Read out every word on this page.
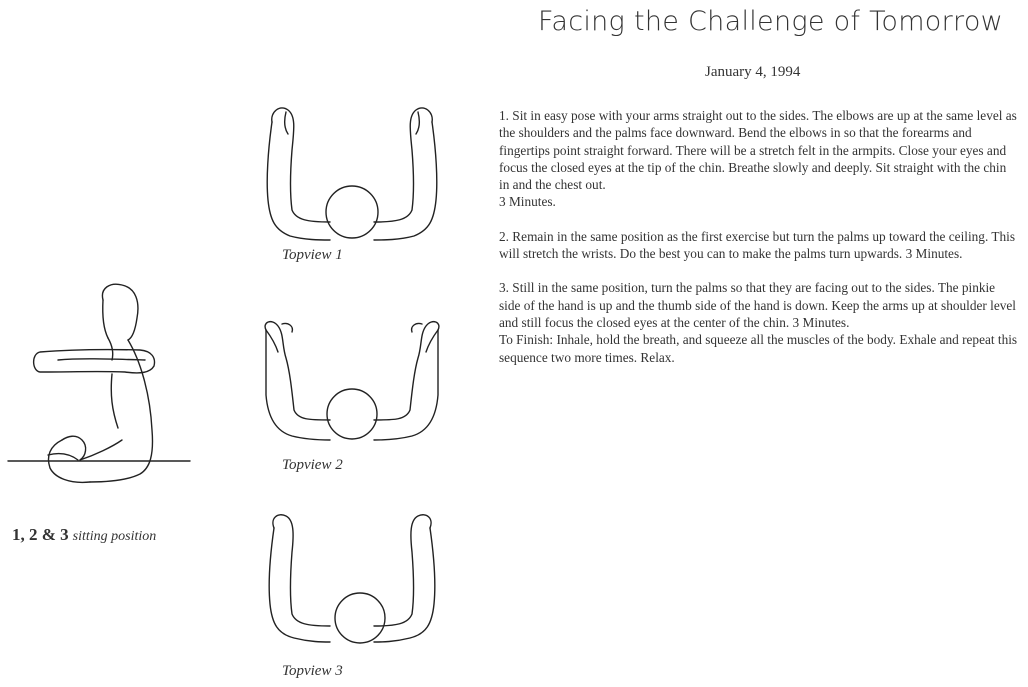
Topview 1
Topview 2
Topview 3
1, 2 & 3 sitting position
Facing the Challenge of Tomorrow
January 4, 1994

1. Sit in easy pose with your arms straight out to the sides. The elbows are up at the same level as the shoulders and the palms face downward. Bend the elbows in so that the forearms and fingertips point straight forward. There will be a stretch felt in the armpits. Close your eyes and focus the closed eyes at the tip of the chin. Breathe slowly and deeply. Sit straight with the chin in and the chest out.

3 Minutes.

2. Remain in the same position as the first exercise but turn the palms up toward the ceiling. This will stretch the wrists. Do the best you can to make the palms turn upwards. 3 Minutes.

3. Still in the same position, turn the palms so that they are facing out to the sides. The pinkie side of the hand is up and the thumb side of the hand is down. Keep the arms up at shoulder level and still focus the closed eyes at the center of the chin. 3 Minutes.

To Finish: Inhale, hold the breath, and squeeze all the muscles of the body. Exhale and repeat this sequence two more times. Relax.
